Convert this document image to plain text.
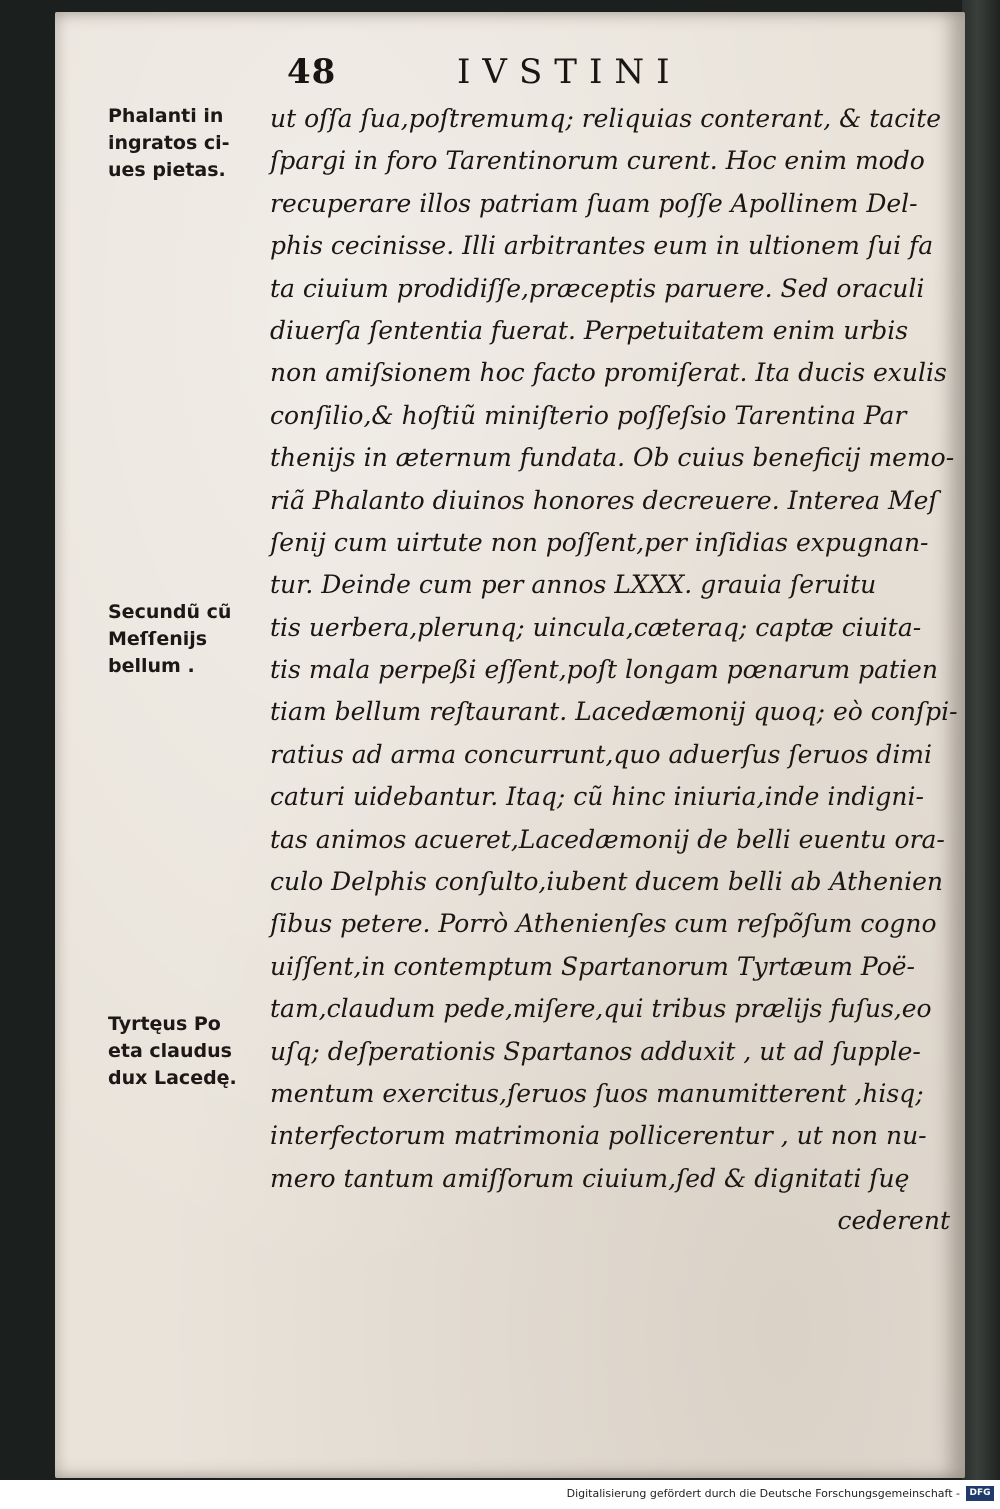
48	IVSTINI
Phalanti in
ingratos ci-
ues pietas.
Secundũ cũ
Meſſenijs
bellum .
Tyrtęus Po
eta claudus
dux Lacedę.
ut oſſa ſua,poſtremumq; reliquias conterant, & tacite
ſpargi in foro Tarentinorum curent. Hoc enim modo
recuperare illos patriam ſuam poſſe Apollinem Del-
phis cecinisse. Illi arbitrantes eum in ultionem ſui fa
ta ciuium prodidiſſe,præceptis paruere. Sed oraculi
diuerſa ſententia fuerat. Perpetuitatem enim urbis
non amiſsionem hoc facto promiſerat. Ita ducis exulis
conſilio,& hoſtiũ miniſterio poſſeſsio Tarentina Par
thenijs in æternum fundata. Ob cuius beneficij memo-
riã Phalanto diuinos honores decreuere. Interea Meſ
ſenij cum uirtute non poſſent,per inſidias expugnan-
tur. Deinde cum per annos LXXX. grauia ſeruitu
tis uerbera,plerunq; uincula,cæteraq; captæ ciuita-
tis mala perpeßi eſſent,poſt longam pœnarum patien
tiam bellum reſtaurant. Lacedæmonij quoq; eò conſpi-
ratius ad arma concurrunt,quo aduerſus ſeruos dimi
caturi uidebantur. Itaq; cũ hinc iniuria,inde indigni-
tas animos acueret,Lacedæmonij de belli euentu ora-
culo Delphis conſulto,iubent ducem belli ab Athenien
ſibus petere. Porrò Athenienſes cum reſpõſum cogno
uiſſent,in contemptum Spartanorum Tyrtæum Poë-
tam,claudum pede,miſere,qui tribus prælijs fuſus,eo
uſq; deſperationis Spartanos adduxit , ut ad ſupple-
mentum exercitus,ſeruos ſuos manumitterent ,hisq;
interfectorum matrimonia pollicerentur , ut non nu-
mero tantum amiſſorum ciuium,ſed & dignitati ſuę
cederent
Digitalisierung gefördert durch die Deutsche Forschungsgemeinschaft -	DFG
